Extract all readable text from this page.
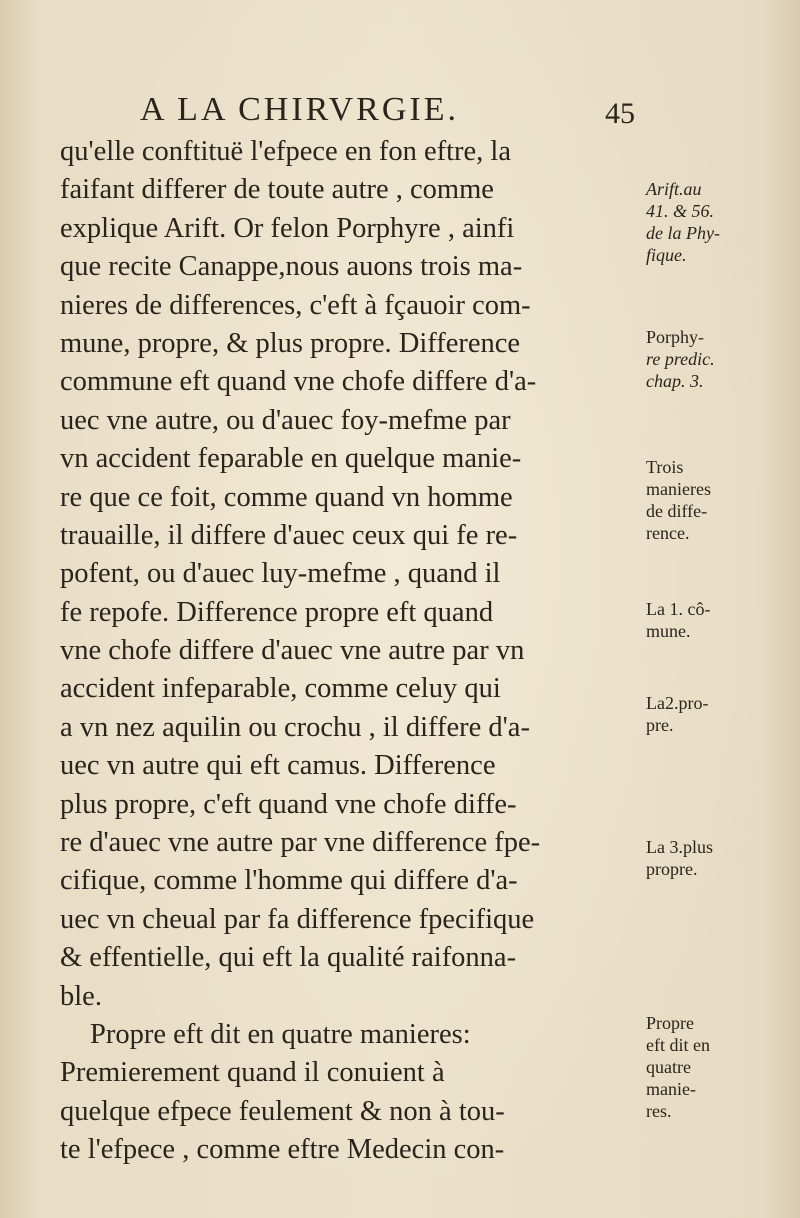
A LA CHIRVRGIE.	45
qu'elle conftituë l'efpece en fon eftre, la
faifant differer de toute autre , comme
explique Arift. Or felon Porphyre , ainfi
que recite Canappe,nous auons trois ma-
nieres de differences, c'eft à fçauoir com-
mune, propre, & plus propre. Difference
commune eft quand vne chofe differe d'a-
uec vne autre, ou d'auec foy-mefme par
vn accident feparable en quelque manie-
re que ce foit, comme quand vn homme
trauaille, il differe d'auec ceux qui fe re-
pofent, ou d'auec luy-mefme , quand il
fe repofe. Difference propre eft quand
vne chofe differe d'auec vne autre par vn
accident infeparable, comme celuy qui
a vn nez aquilin ou crochu , il differe d'a-
uec vn autre qui eft camus. Difference
plus propre, c'eft quand vne chofe diffe-
re d'auec vne autre par vne difference fpe-
cifique, comme l'homme qui differe d'a-
uec vn cheual par fa difference fpecifique
& effentielle, qui eft la qualité raifonna-
ble.
Propre eft dit en quatre manieres:
Premierement quand il conuient à
quelque efpece feulement & non à tou-
te l'efpece , comme eftre Medecin con-
Arift.au
41. & 56.
de la Phy-
fique.
Porphy-
re predic.
chap. 3.
Trois
manieres
de diffe-
rence.
La 1. cô-
mune.
La2.pro-
pre.
La 3.plus
propre.
Propre
eft dit en
quatre
manie-
res.
